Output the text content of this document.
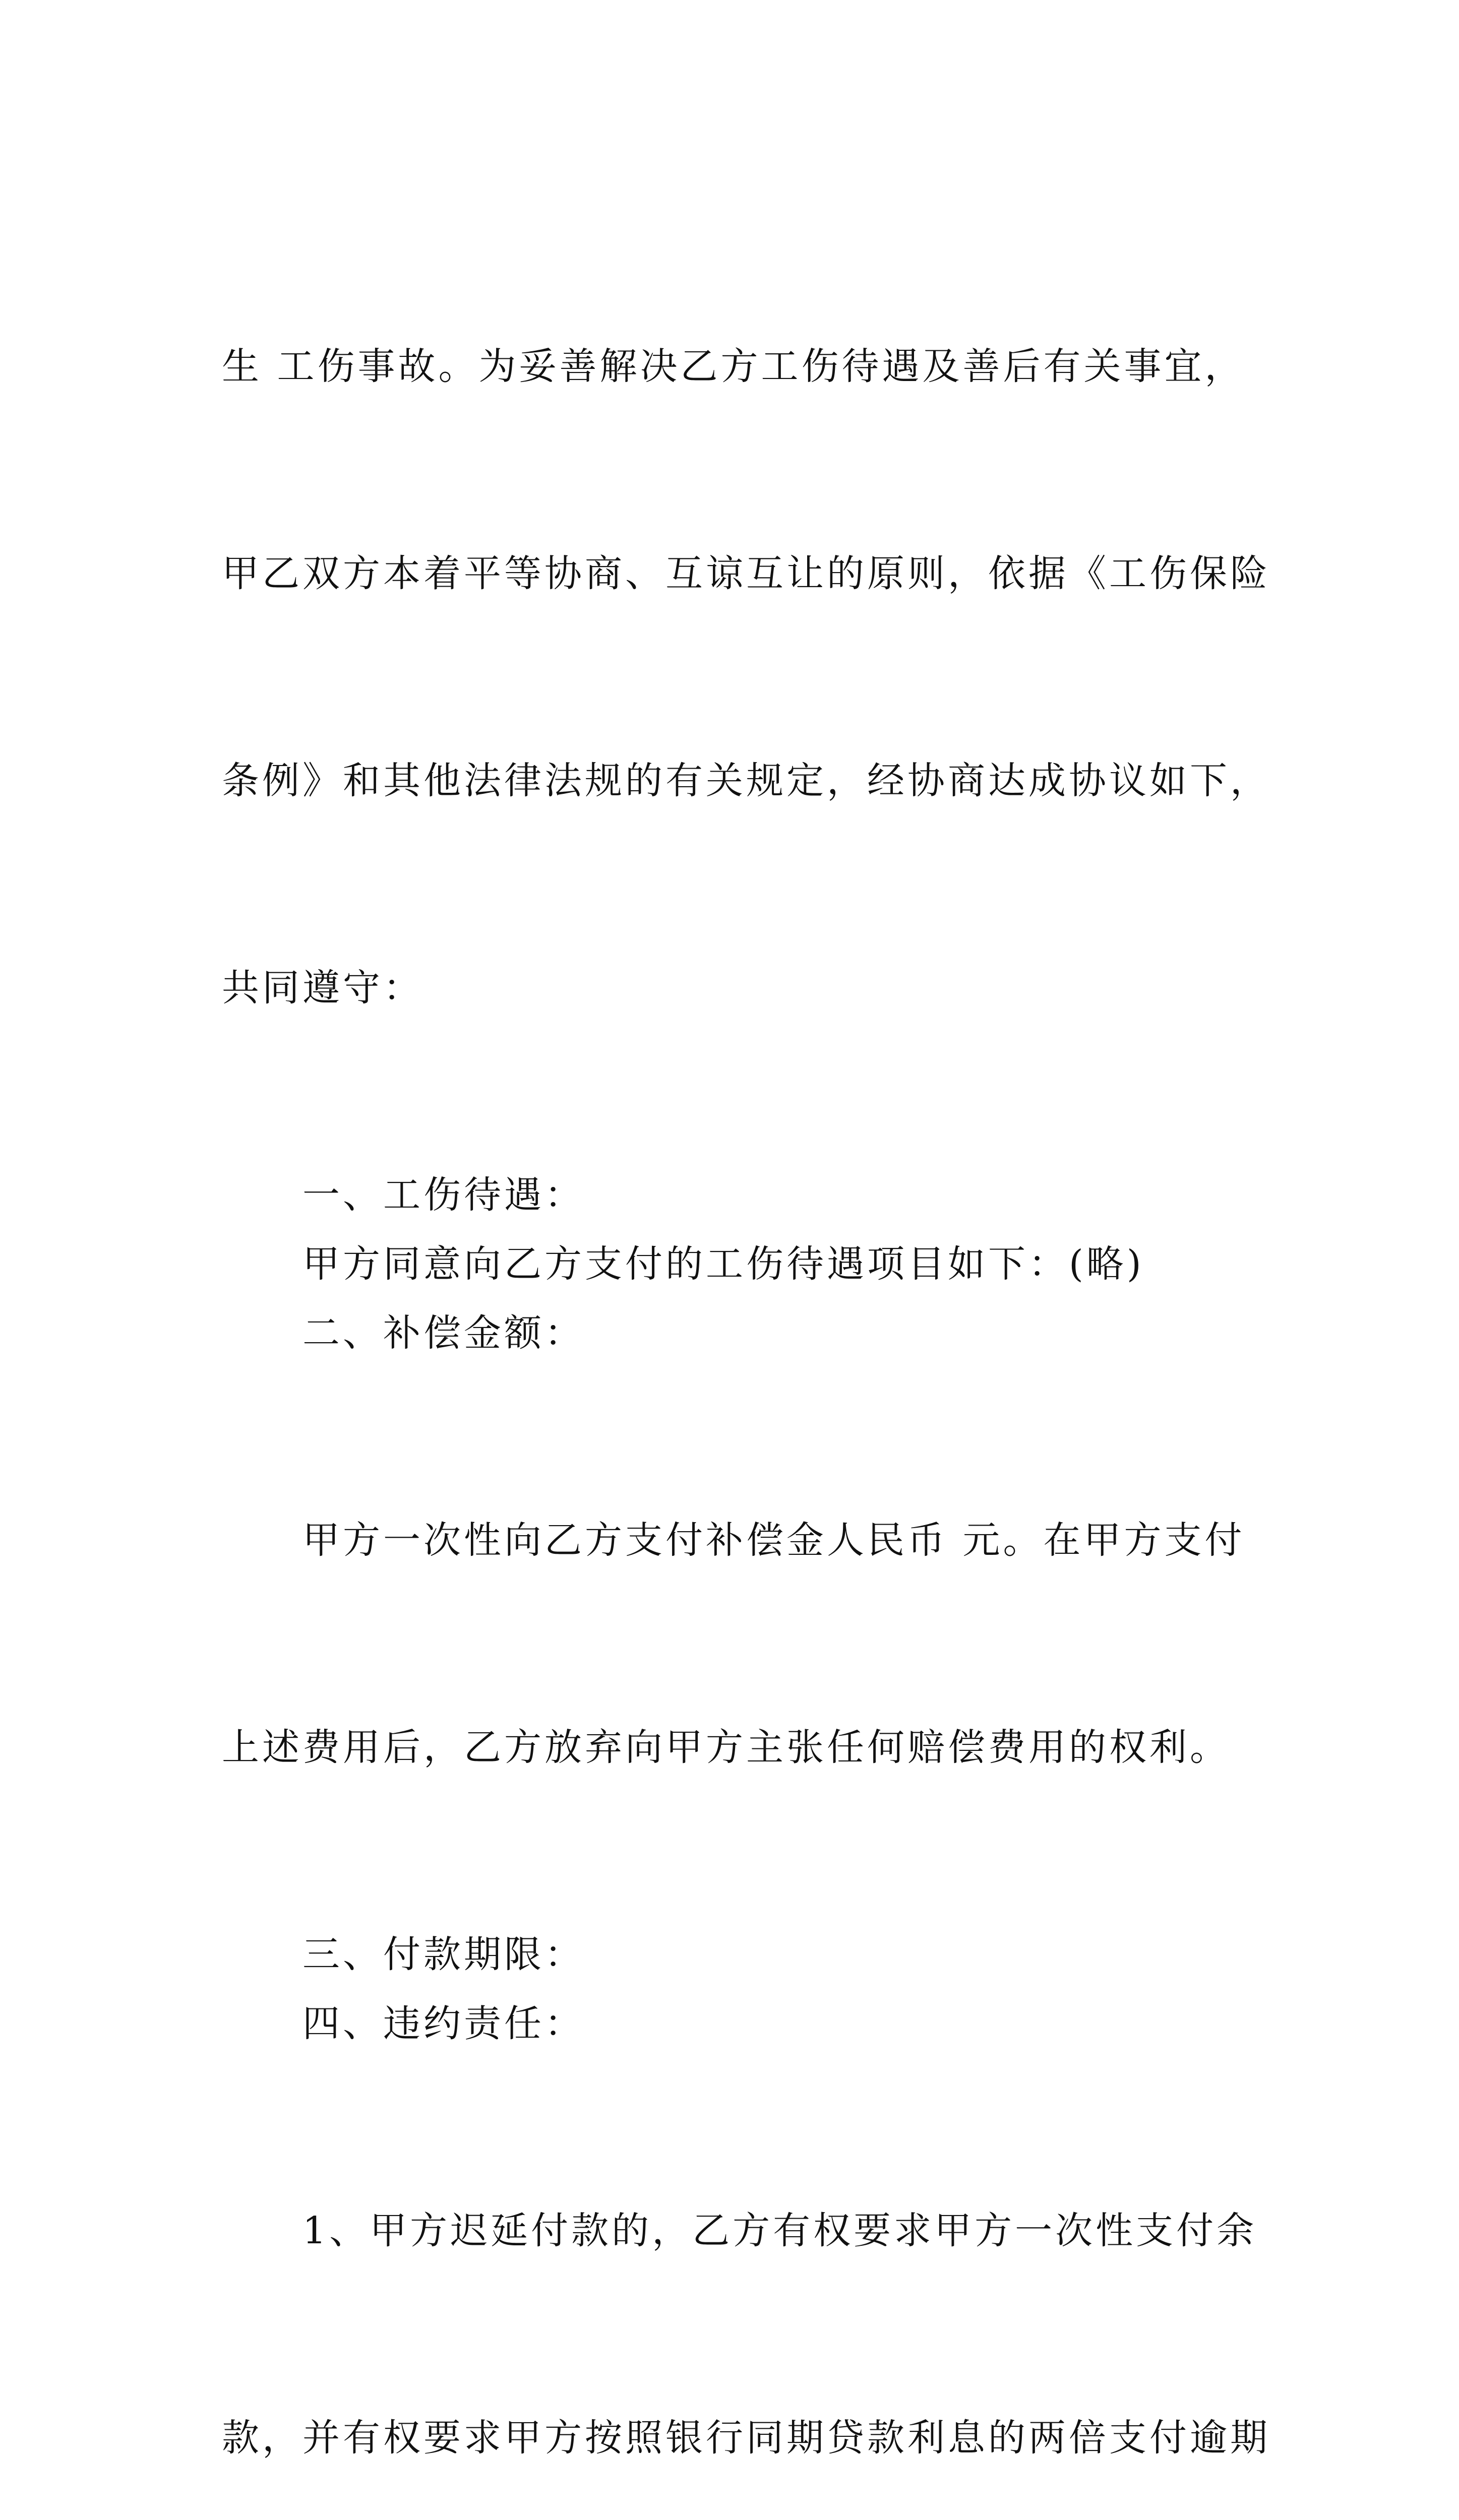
生 工伤事故。为妥善解决乙方工伤待遇及善后有关事宜，

甲乙双方本着平等协商、互谅互让的原则，依据《工伤保险

条例》和其他法律法规的有关规定，经协商达成协议如下，

共同遵守：

一、工伤待遇：
甲方同意向乙方支付的工伤待遇项目如下：(略)
二、补偿金额：

甲方一次性向乙方支付补偿金人民币 元。在甲方支付

上述费用后，乙方放弃向甲方主张任何赔偿费用的权利。

三、付款期限：
四、违约责任：

1、甲方迟延付款的，乙方有权要求甲方一次性支付余

款，并有权要求甲方按照银行同期贷款利息的两倍支付逾期
